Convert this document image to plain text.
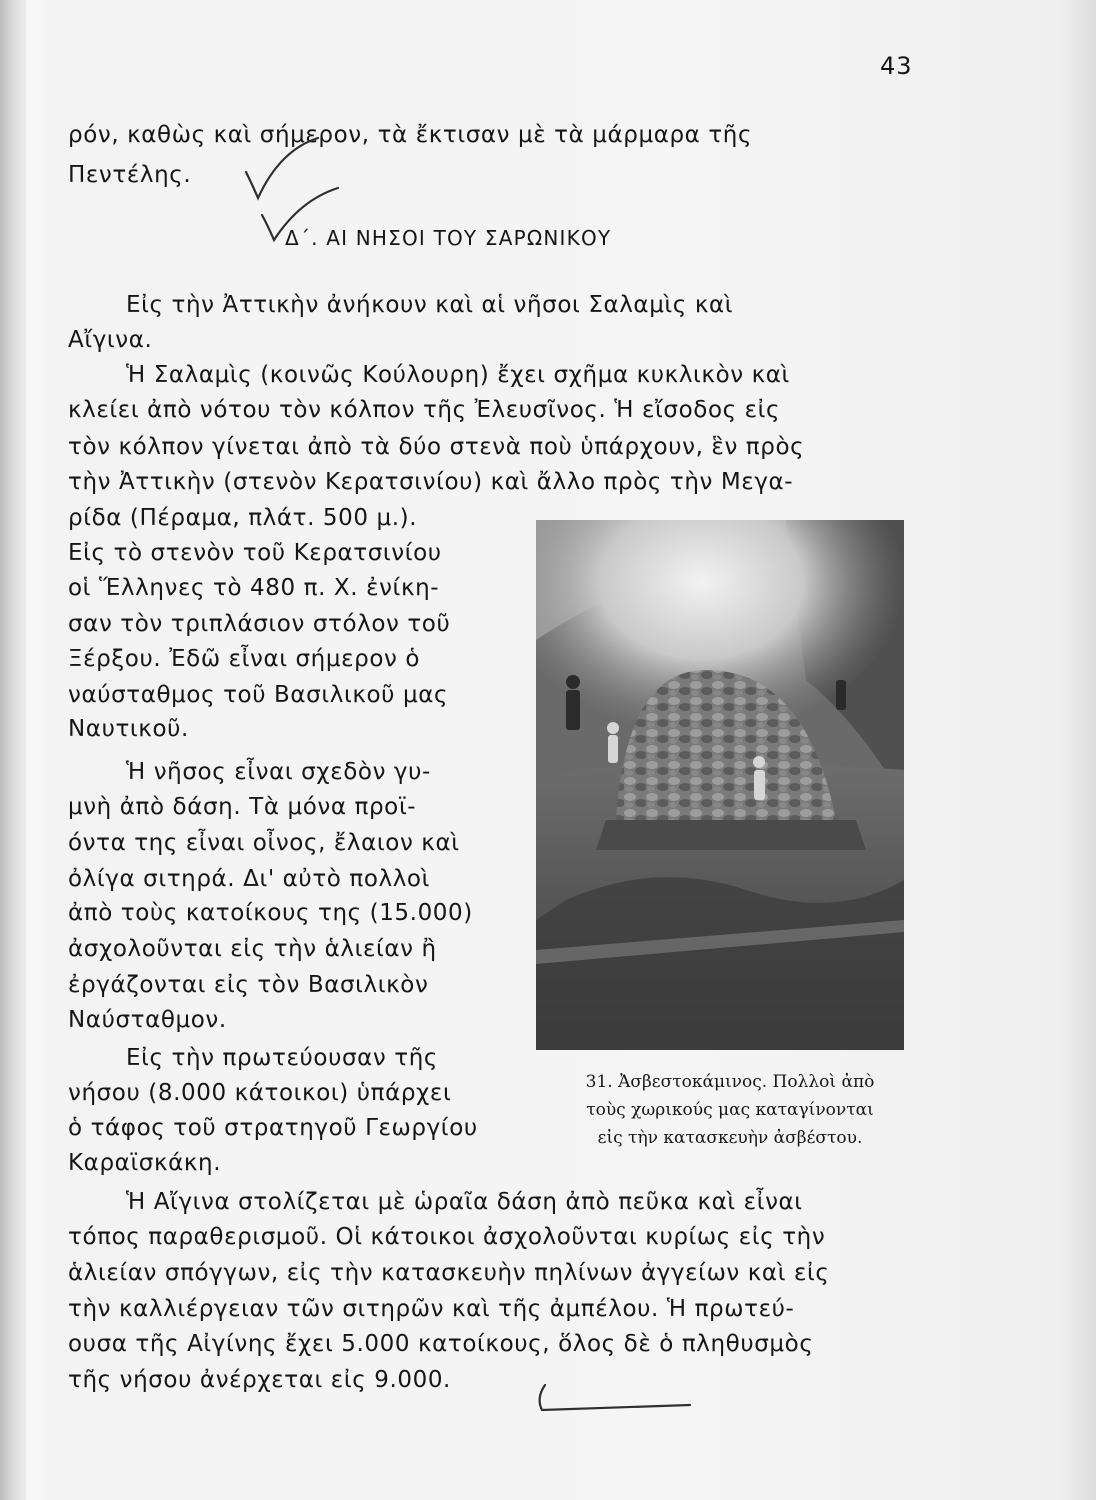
43
ρόν, καθὼς καὶ σήμερον, τὰ ἔκτισαν μὲ τὰ μάρμαρα τῆς
Πεντέλης.
Δ΄. ΑΙ ΝΗΣΟΙ ΤΟΥ ΣΑΡΩΝΙΚΟΥ
Εἰς τὴν Ἀττικὴν ἀνήκουν καὶ αἱ νῆσοι Σαλαμὶς καὶ
Αἴγινα.
Ἡ Σαλαμὶς (κοινῶς Κούλουρη) ἔχει σχῆμα κυκλικὸν καὶ
κλείει ἀπὸ νότου τὸν κόλπον τῆς Ἐλευσῖνος. Ἡ εἴσοδος εἰς
τὸν κόλπον γίνεται ἀπὸ τὰ δύο στενὰ ποὺ ὑπάρχουν, ἓν πρὸς
τὴν Ἀττικὴν (στενὸν Κερατσινίου) καὶ ἄλλο πρὸς τὴν Μεγα-
ρίδα (Πέραμα, πλάτ. 500 μ.).
Εἰς τὸ στενὸν τοῦ Κερατσινίου
οἱ Ἕλληνες τὸ 480 π. Χ. ἐνίκη-
σαν τὸν τριπλάσιον στόλον τοῦ
Ξέρξου. Ἐδῶ εἶναι σήμερον ὁ
ναύσταθμος τοῦ Βασιλικοῦ μας
Ναυτικοῦ.
Ἡ νῆσος εἶναι σχεδὸν γυ-
μνὴ ἀπὸ δάση. Τὰ μόνα προϊ-
όντα της εἶναι οἶνος, ἔλαιον καὶ
ὀλίγα σιτηρά. Δι' αὐτὸ πολλοὶ
ἀπὸ τοὺς κατοίκους της (15.000)
ἀσχολοῦνται εἰς τὴν ἁλιείαν ἢ
ἐργάζονται εἰς τὸν Βασιλικὸν
Ναύσταθμον.
Εἰς τὴν πρωτεύουσαν τῆς
νήσου (8.000 κάτοικοι) ὑπάρχει
ὁ τάφος τοῦ στρατηγοῦ Γεωργίου
Καραϊσκάκη.
Ἡ Αἴγινα στολίζεται μὲ ὡραῖα δάση ἀπὸ πεῦκα καὶ εἶναι
τόπος παραθερισμοῦ. Οἱ κάτοικοι ἀσχολοῦνται κυρίως εἰς τὴν
ἁλιείαν σπόγγων, εἰς τὴν κατασκευὴν πηλίνων ἀγγείων καὶ εἰς
τὴν καλλιέργειαν τῶν σιτηρῶν καὶ τῆς ἀμπέλου. Ἡ πρωτεύ-
ουσα τῆς Αἰγίνης ἔχει 5.000 κατοίκους, ὅλος δὲ ὁ πληθυσμὸς
τῆς νήσου ἀνέρχεται εἰς 9.000.
31. Ἀσβεστοκάμινος. Πολλοὶ ἀπὸ
τοὺς χωρικούς μας καταγίνονται
εἰς τὴν κατασκευὴν ἀσβέστου.
